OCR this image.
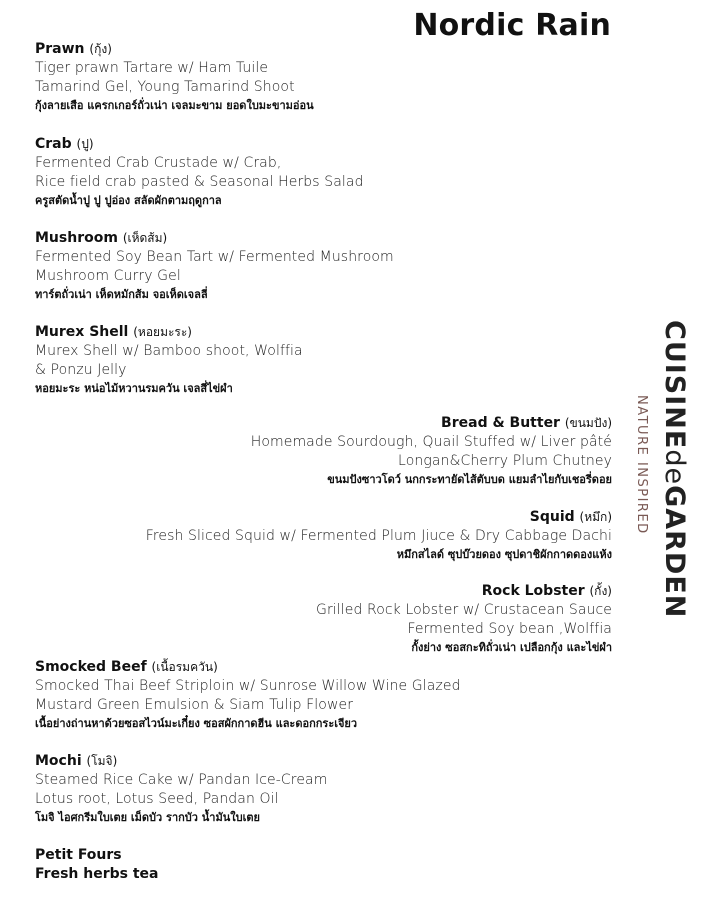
Nordic Rain
Prawn (กุ้ง)
Tiger prawn Tartare w/ Ham Tuile
Tamarind Gel, Young Tamarind Shoot
กุ้งลายเสือ แครกเกอร์ถั่วเน่า เจลมะขาม ยอดใบมะขามอ่อน
Crab (ปู)
Fermented Crab Crustade w/ Crab,
Rice field crab pasted & Seasonal Herbs Salad
ครูสตัดน้ำปู ปู ปูอ่อง สลัดผักตามฤดูกาล
Mushroom (เห็ดส้ม)
Fermented Soy Bean Tart w/ Fermented Mushroom
Mushroom Curry Gel
ทาร์ตถั่วเน่า เห็ดหมักส้ม จอเห็ดเจลลี่
Murex Shell (หอยมะระ)
Murex Shell w/ Bamboo shoot, Wolffia
& Ponzu Jelly
หอยมะระ หน่อไม้หวานรมควัน เจลสี่ไข่ผำ
Bread & Butter (ขนมปัง)
Homemade Sourdough, Quail Stuffed w/ Liver pâté
Longan&Cherry Plum Chutney
ขนมปังซาวโดว์ นกกระทายัดไส้ตับบด แยมลำไยกับเชอรี่ดอย
Squid (หมึก)
Fresh Sliced Squid w/ Fermented Plum Jiuce & Dry Cabbage Dachi
หมึกสไลด์ ซุปบ๊วยดอง ซุปดาชิผักกาดดองแห้ง
Rock Lobster (กั้ง)
Grilled Rock Lobster w/ Crustacean Sauce
Fermented Soy bean ,Wolffia
กั้งย่าง ซอสกะทิถั่วเน่า เปลือกกุ้ง และไข่ผำ
Smocked Beef (เนื้อรมควัน)
Smocked Thai Beef Striploin w/ Sunrose Willow Wine Glazed
Mustard Green Emulsion & Siam Tulip Flower
เนื้อย่างถ่านหาด้วยซอสไวน์มะเกี๋ยง ซอสผักกาดฮีน และดอกกระเจียว
Mochi (โมจิ)
Steamed Rice Cake w/ Pandan Ice-Cream
Lotus root, Lotus Seed, Pandan Oil
โมจิ ไอศกรีมใบเตย เม็ดบัว รากบัว น้ำมันใบเตย
Petit Fours
Fresh herbs tea
CUISINEdeGARDEN
NATURE INSPIRED
